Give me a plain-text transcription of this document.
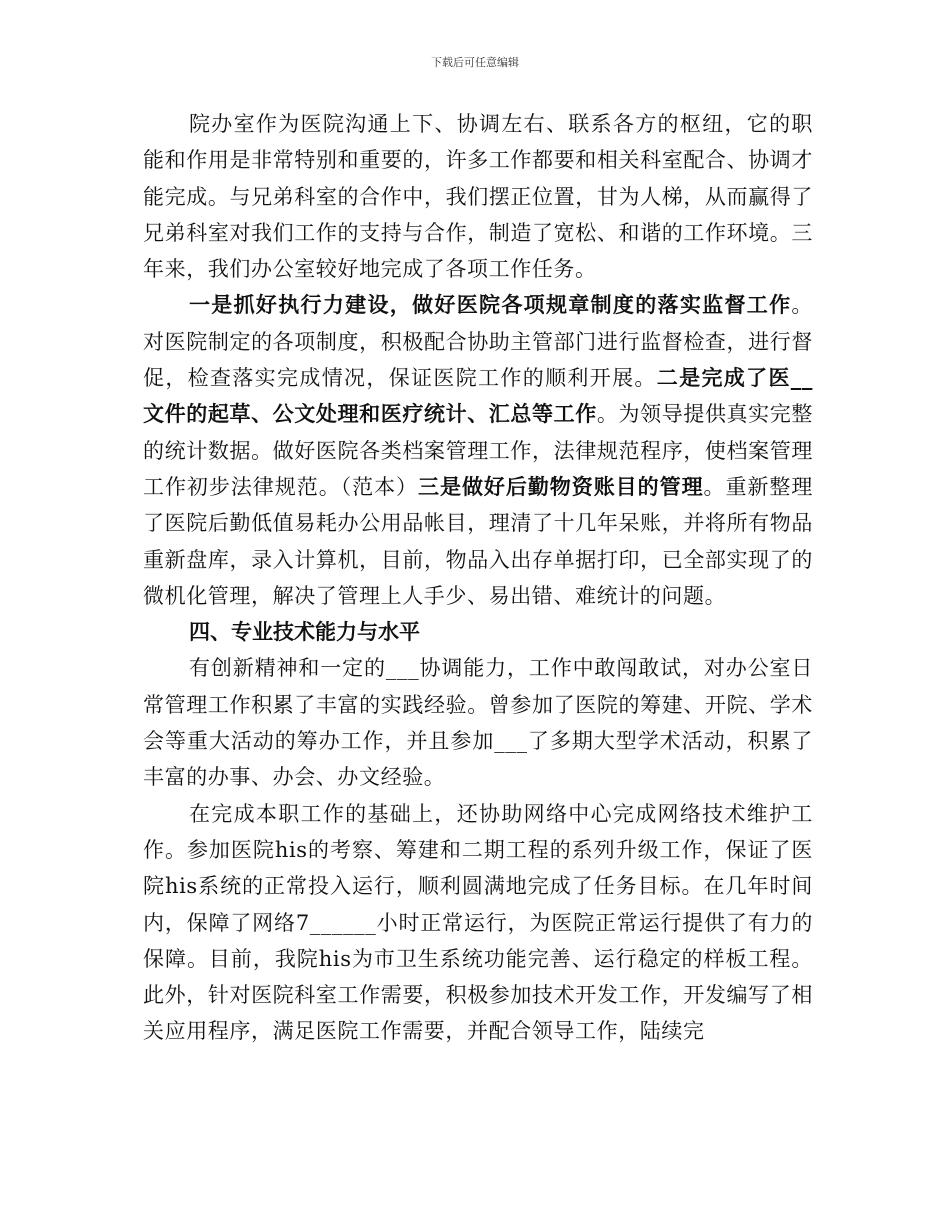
下载后可任意编辑

院办室作为医院沟通上下、协调左右、联系各方的枢纽，它的职能和作用是非常特别和重要的，许多工作都要和相关科室配合、协调才能完成。与兄弟科室的合作中，我们摆正位置，甘为人梯，从而赢得了兄弟科室对我们工作的支持与合作，制造了宽松、和谐的工作环境。三年来，我们办公室较好地完成了各项工作任务。

一是抓好执行力建设，做好医院各项规章制度的落实监督工作。对医院制定的各项制度，积极配合协助主管部门进行监督检查，进行督促，检查落实完成情况，保证医院工作的顺利开展。二是完成了医__文件的起草、公文处理和医疗统计、汇总等工作。为领导提供真实完整的统计数据。做好医院各类档案管理工作，法律规范程序，使档案管理工作初步法律规范。（范本）三是做好后勤物资账目的管理。重新整理了医院后勤低值易耗办公用品帐目，理清了十几年呆账，并将所有物品重新盘库，录入计算机，目前，物品入出存单据打印，已全部实现了的微机化管理，解决了管理上人手少、易出错、难统计的问题。

四、专业技术能力与水平

有创新精神和一定的___协调能力，工作中敢闯敢试，对办公室日常管理工作积累了丰富的实践经验。曾参加了医院的筹建、开院、学术会等重大活动的筹办工作，并且参加___了多期大型学术活动，积累了丰富的办事、办会、办文经验。

在完成本职工作的基础上，还协助网络中心完成网络技术维护工作。参加医院his的考察、筹建和二期工程的系列升级工作，保证了医院his系统的正常投入运行，顺利圆满地完成了任务目标。在几年时间内，保障了网络7______小时正常运行，为医院正常运行提供了有力的保障。目前，我院his为市卫生系统功能完善、运行稳定的样板工程。此外，针对医院科室工作需要，积极参加技术开发工作，开发编写了相关应用程序，满足医院工作需要，并配合领导工作，陆续完
